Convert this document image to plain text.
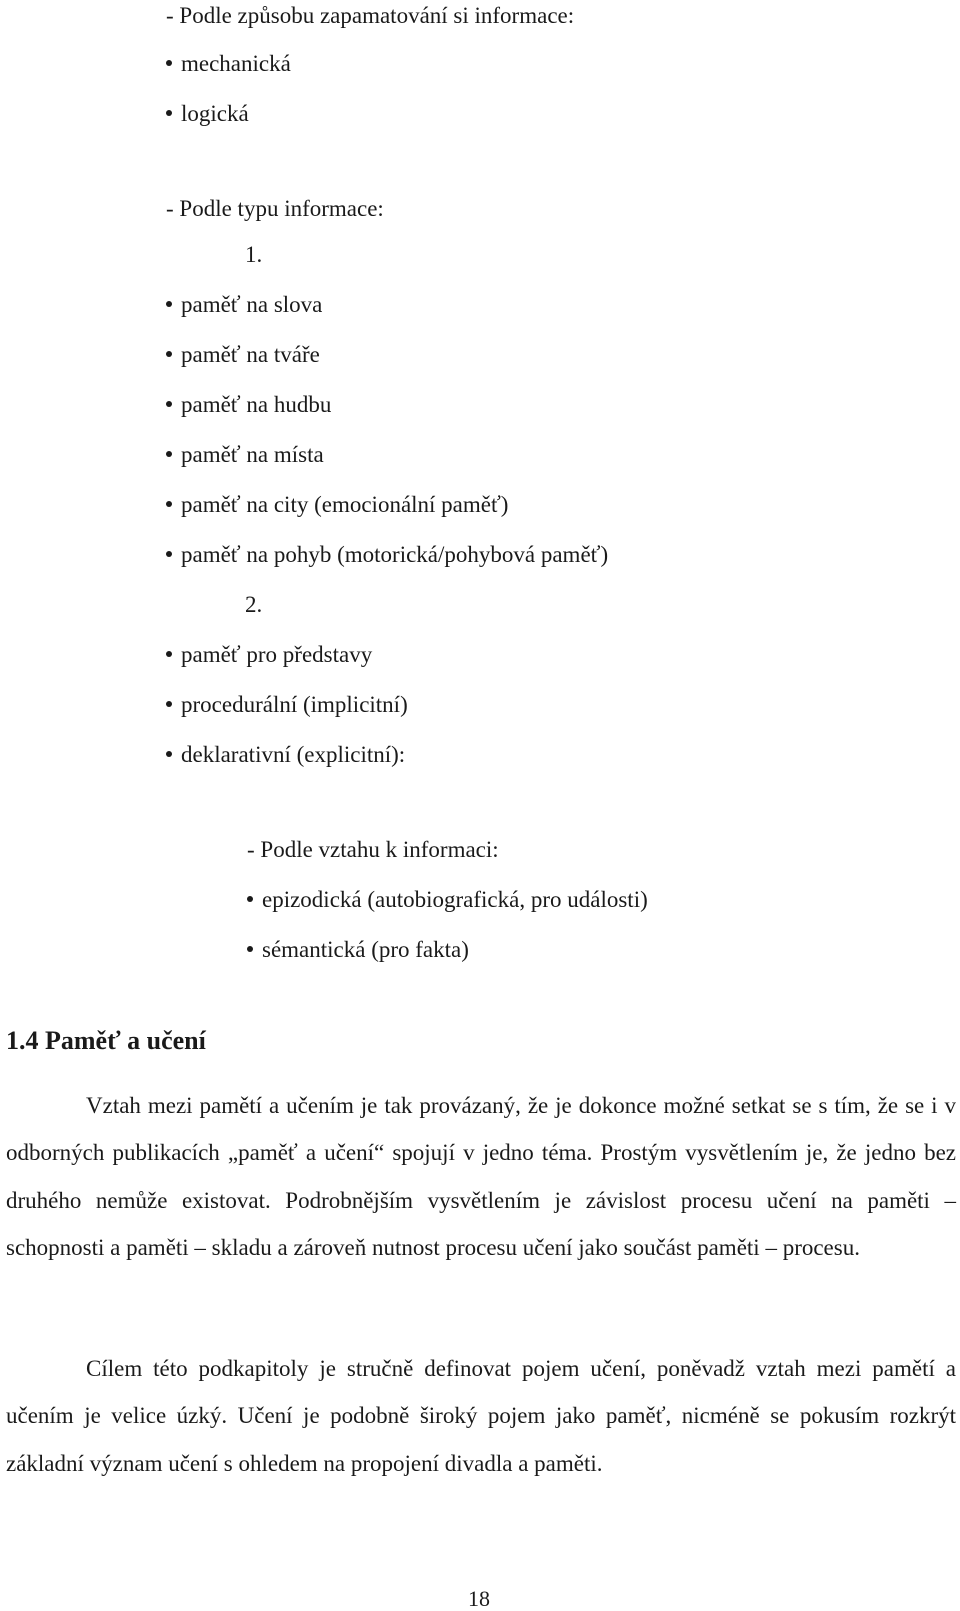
- Podle způsobu zapamatování si informace:
mechanická
logická
- Podle typu informace:
1.
paměť na slova
paměť na tváře
paměť na hudbu
paměť na místa
paměť na city (emocionální paměť)
paměť na pohyb (motorická/pohybová paměť)
2.
paměť pro představy
procedurální (implicitní)
deklarativní (explicitní):
- Podle vztahu k informaci:
epizodická (autobiografická, pro události)
sémantická (pro fakta)
1.4 Paměť a učení
Vztah mezi pamětí a učením je tak provázaný, že je dokonce možné setkat se s tím, že se i v odborných publikacích „paměť a učení“ spojují v jedno téma. Prostým vysvětlením je, že jedno bez druhého nemůže existovat. Podrobnějším vysvětlením je závislost procesu učení na paměti – schopnosti a paměti – skladu a zároveň nutnost procesu učení jako součást paměti – procesu.
Cílem této podkapitoly je stručně definovat pojem učení, poněvadž vztah mezi pamětí a učením je velice úzký. Učení je podobně široký pojem jako paměť, nicméně se pokusím rozkrýt základní význam učení s ohledem na propojení divadla a paměti.
18
